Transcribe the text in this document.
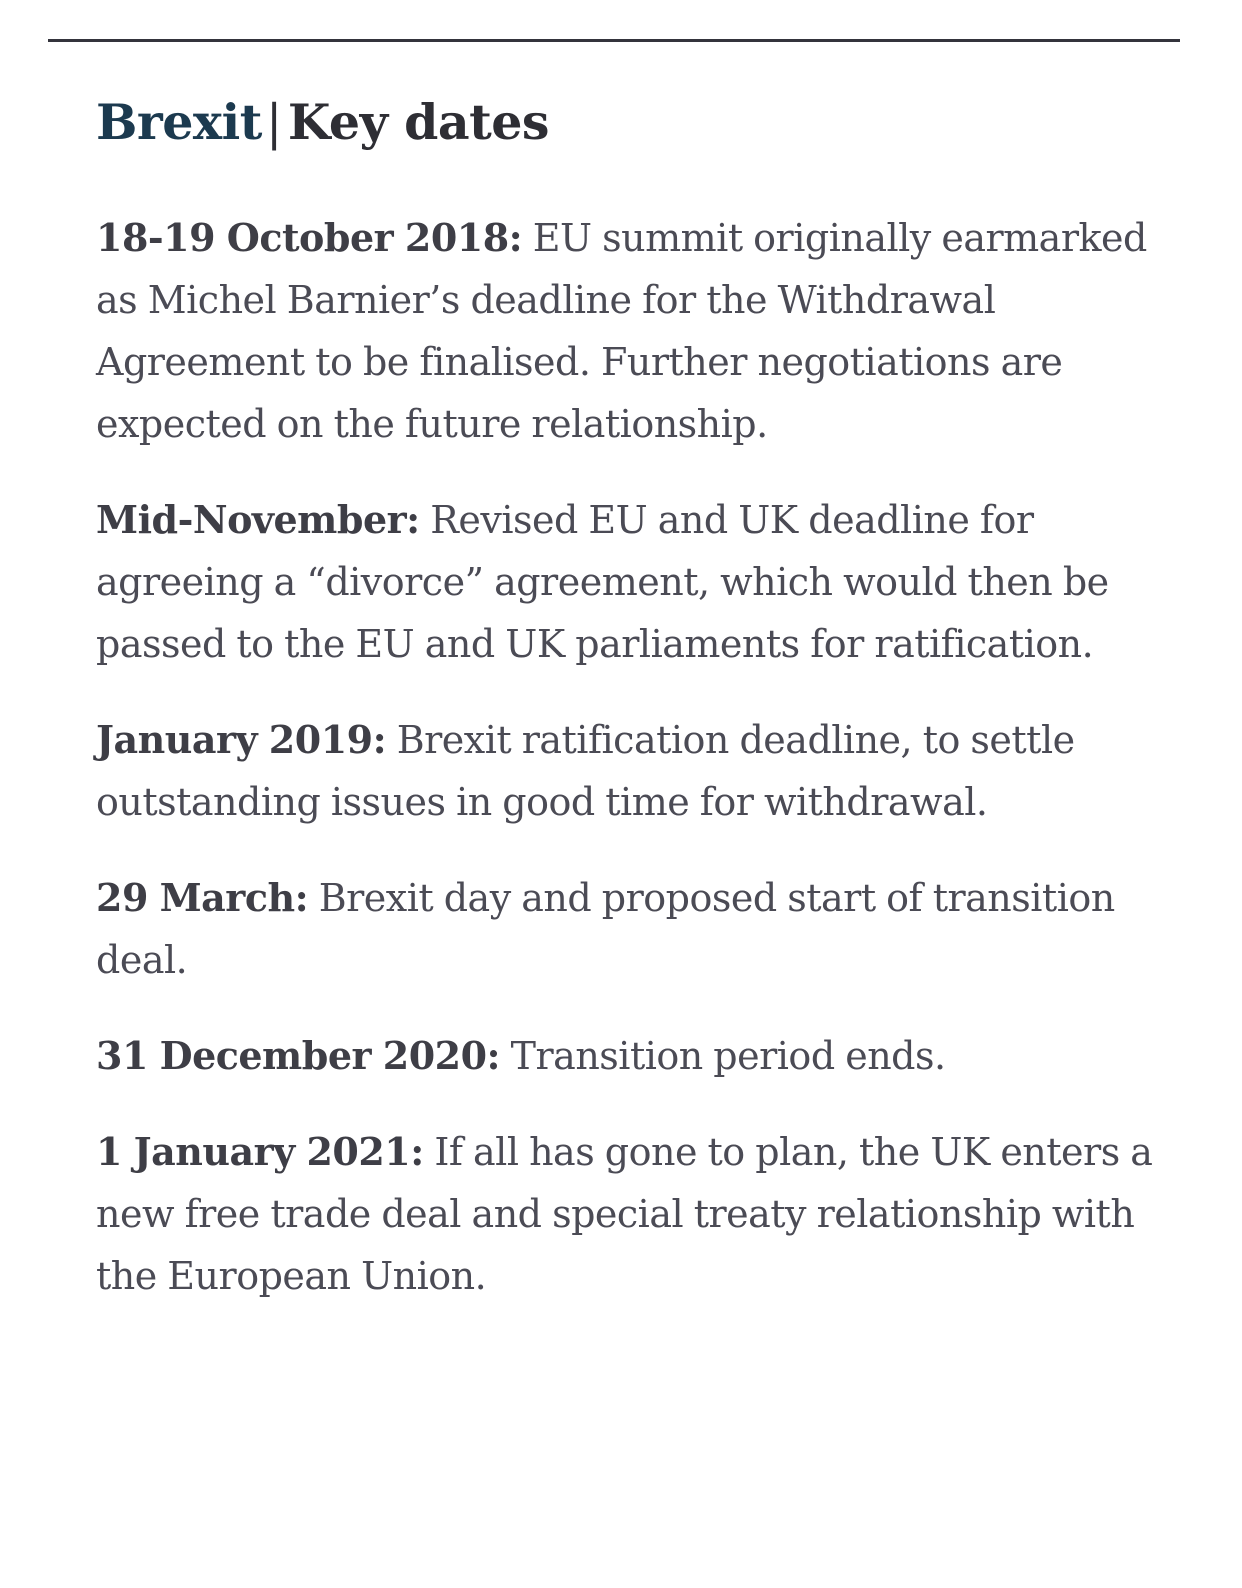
Brexit| Key dates

18-19 October 2018: EU summit originally earmarked as Michel Barnier’s deadline for the Withdrawal Agreement to be finalised. Further negotiations are expected on the future relationship.

Mid-November: Revised EU and UK deadline for agreeing a “divorce” agreement, which would then be passed to the EU and UK parliaments for ratification.

January 2019: Brexit ratification deadline, to settle outstanding issues in good time for withdrawal.

29 March: Brexit day and proposed start of transition deal.

31 December 2020: Transition period ends.

1 January 2021: If all has gone to plan, the UK enters a new free trade deal and special treaty relationship with the European Union.
